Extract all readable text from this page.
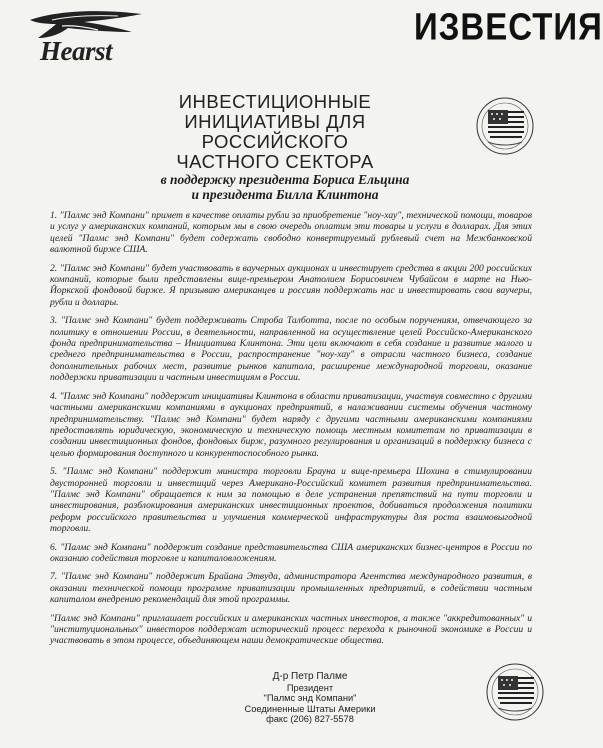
Hearst
ИЗВЕСТИЯ
ИНВЕСТИЦИОННЫЕ
ИНИЦИАТИВЫ ДЛЯ РОССИЙСКОГО
ЧАСТНОГО СЕКТОРА
в поддержку президента Бориса Ельцина
и президента Билла Клинтона

1. "Палмс энд Компани" примет в качестве оплаты рубли за приобретение "ноу-хау", технической помощи, товаров и услуг у американских компаний, которым мы в свою очередь оплатим эти товары и услуги в долларах. Для этих целей "Палмс энд Компани" будет содержать свободно конвертируемый рублевый счет на Межбанковской валютной бирже США.

2. "Палмс энд Компани" будет участвовать в ваучерных аукционах и инвестирует средства в акции 200 российских компаний, которые были представлены вице-премьером Анатолием Борисовичем Чубайсом в марте на Нью-Йоркской фондовой бирже. Я призываю американцев и россиян поддержать нас и инвестировать свои ваучеры, рубли и доллары.

3. "Палмс энд Компани" будет поддерживать Строба Талботта, после по особым поручениям, отвечающего за политику в отношении России, в деятельности, направленной на осуществление целей Российско-Американского фонда предпринимательства – Инициатива Клинтона. Эти цели включают в себя создание и развитие малого и среднего предпринимательства в России, распространение "ноу-хау" в отрасли частного бизнеса, создание дополнительных рабочих мест, развитие рынков капитала, расширение международной торговли, оказание поддержки приватизации и частным инвестициям в России.

4. "Палмс энд Компани" поддержит инициативы Клинтона в области приватизации, участвуя совместно с другими частными американскими компаниями в аукционах предприятий, в налаживании системы обучения частному предпринимательству. "Палмс энд Компани" будет наряду с другими частными американскими компаниями предоставлять юридическую, экономическую и техническую помощь местным комитетам по приватизации в создании инвестиционных фондов, фондовых бирж, разумного регулирования и организаций в поддержку бизнеса с целью формирования доступного и конкурентоспособного рынка.

5. "Палмс энд Компани" поддержит министра торговли Брауна и вице-премьера Шохина в стимулировании двусторонней торговли и инвестиций через Американо-Российский комитет развития предпринимательства. "Палмс энд Компани" обращается к ним за помощью в деле устранения препятствий на пути торговли и инвестирования, разблокирования американских инвестиционных проектов, добиваться продолжения политики реформ российского правительства и улучшения коммерческой инфраструктуры для роста взаимовыгодной торговли.

6. "Палмс энд Компани" поддержит создание представительства США американских бизнес-центров в России по оказанию содействия торговле и капиталовложениям.

7. "Палмс энд Компани" поддержит Брайана Этвуда, администратора Агентства международного развития, в оказании технической помощи программе приватизации промышленных предприятий, в содействии частным капиталом внедрению рекомендаций для этой программы.

"Палмс энд Компани" приглашает российских и американских частных инвесторов, а также "аккредитованных" и "институциональных" инвесторов поддержат исторический процесс перехода к рыночной экономике в России и участвовать в этом процессе, объединяющем наши демократические общества.

Д-р Петр Палме
Президент
"Палмс энд Компани"
Соединенные Штаты Америки
факс (206) 827-5578
